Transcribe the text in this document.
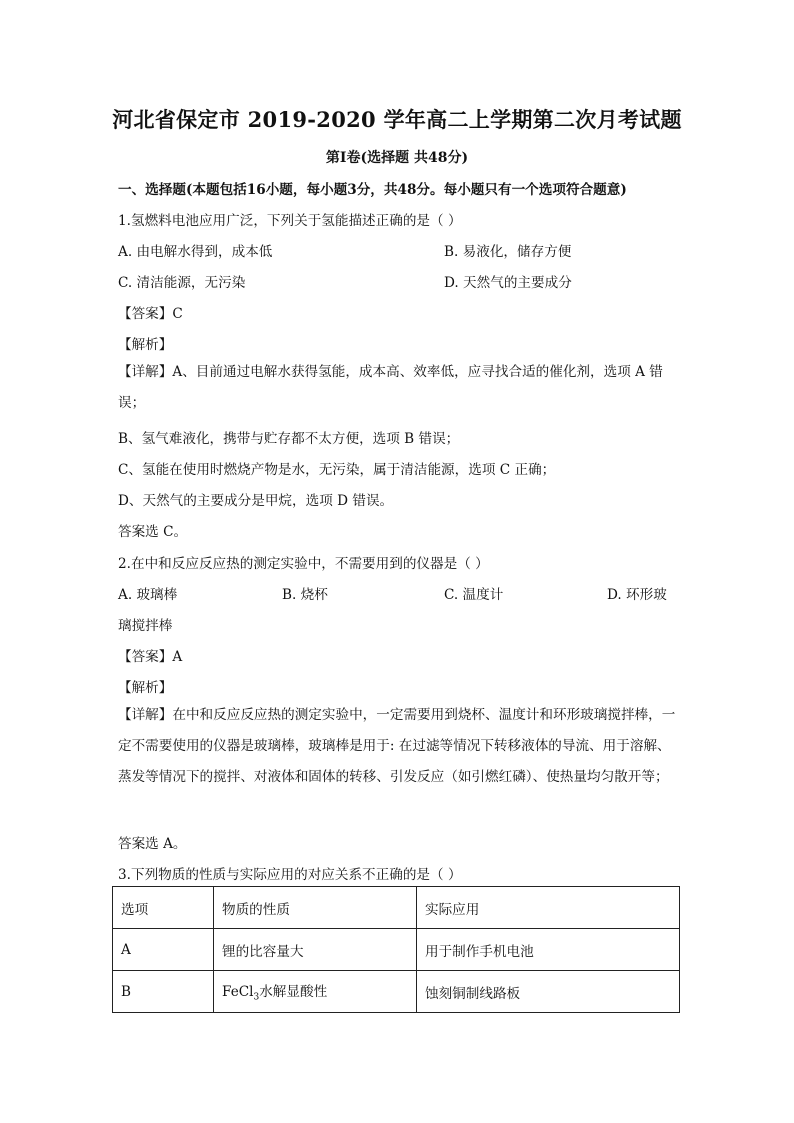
河北省保定市 2019-2020 学年高二上学期第二次月考试题
第Ⅰ卷(选择题 共48分)
一、选择题(本题包括16小题，每小题3分，共48分。每小题只有一个选项符合题意)
1.氢燃料电池应用广泛，下列关于氢能描述正确的是（ ）
A. 由电解水得到，成本低	B. 易液化，储存方便
C. 清洁能源，无污染	D. 天然气的主要成分
【答案】C
【解析】
【详解】A、目前通过电解水获得氢能，成本高、效率低，应寻找合适的催化剂，选项 A 错误；
B、氢气难液化，携带与贮存都不太方便，选项 B 错误；
C、氢能在使用时燃烧产物是水，无污染，属于清洁能源，选项 C 正确；
D、天然气的主要成分是甲烷，选项 D 错误。
答案选 C。
2.在中和反应反应热的测定实验中，不需要用到的仪器是（ ）
A. 玻璃棒	B. 烧杯	C. 温度计	D. 环形玻
璃搅拌棒
【答案】A
【解析】
【详解】在中和反应反应热的测定实验中，一定需要用到烧杯、温度计和环形玻璃搅拌棒，一定不需要使用的仪器是玻璃棒，玻璃棒是用于: 在过滤等情况下转移液体的导流、用于溶解、蒸发等情况下的搅拌、对液体和固体的转移、引发反应（如引燃红磷）、使热量均匀散开等；
答案选 A。
3.下列物质的性质与实际应用的对应关系不正确的是（ ）
选项	物质的性质	实际应用
A	锂的比容量大	用于制作手机电池
B	FeCl$_3$水解显酸性	蚀刻铜制线路板
